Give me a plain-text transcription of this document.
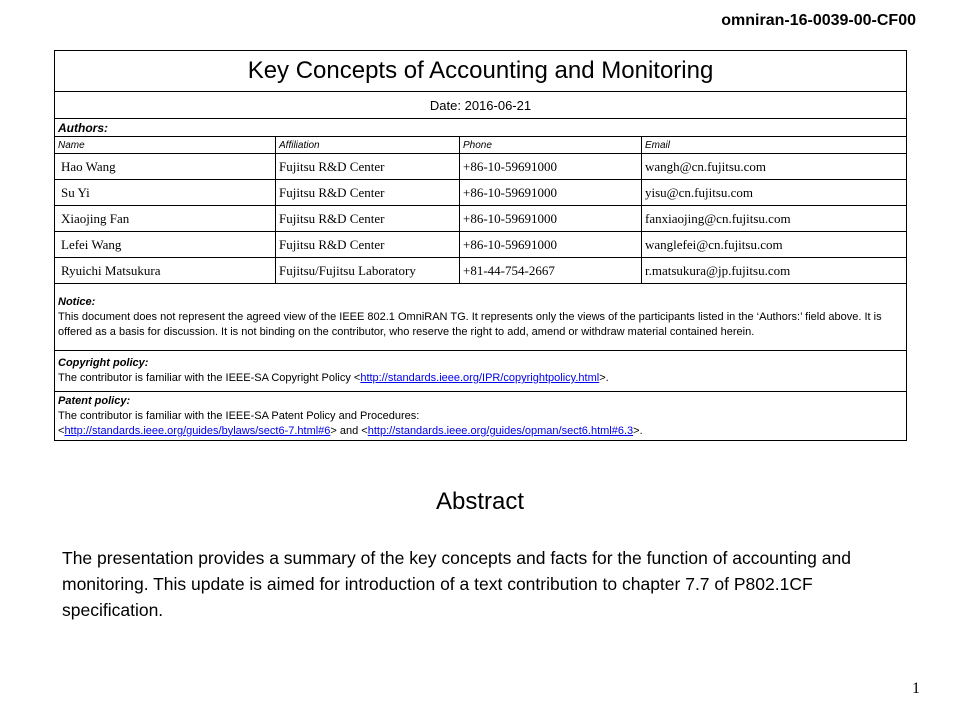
omniran-16-0039-00-CF00
Key Concepts of Accounting and Monitoring			
Date: 2016-06-21			
Authors:			
Name	Affiliation	Phone	Email
Hao Wang	Fujitsu R&D Center	+86-10-59691000	wangh@cn.fujitsu.com
Su Yi	Fujitsu R&D Center	+86-10-59691000	yisu@cn.fujitsu.com
Xiaojing Fan	Fujitsu R&D Center	+86-10-59691000	fanxiaojing@cn.fujitsu.com
Lefei Wang	Fujitsu R&D Center	+86-10-59691000	wanglefei@cn.fujitsu.com
Ryuichi Matsukura	Fujitsu/Fujitsu Laboratory	+81-44-754-2667	r.matsukura@jp.fujitsu.com

Notice:
This document does not represent the agreed view of the IEEE 802.1 OmniRAN TG. It represents only the views of the participants listed in the ‘Authors:’ field above. It is offered as a basis for discussion. It is not binding on the contributor, who reserve the right to add, amend or withdraw material contained herein.			

Copyright policy:
The contributor is familiar with the IEEE-SA Copyright Policy <http://standards.ieee.org/IPR/copyrightpolicy.html>.			

Patent policy:
The contributor is familiar with the IEEE-SA Patent Policy and Procedures:
<http://standards.ieee.org/guides/bylaws/sect6-7.html#6> and <http://standards.ieee.org/guides/opman/sect6.html#6.3>.			
Abstract
The presentation provides a summary of the key concepts and facts for the function of accounting and monitoring. This update is aimed for introduction of a text contribution to chapter 7.7 of P802.1CF specification.
1
